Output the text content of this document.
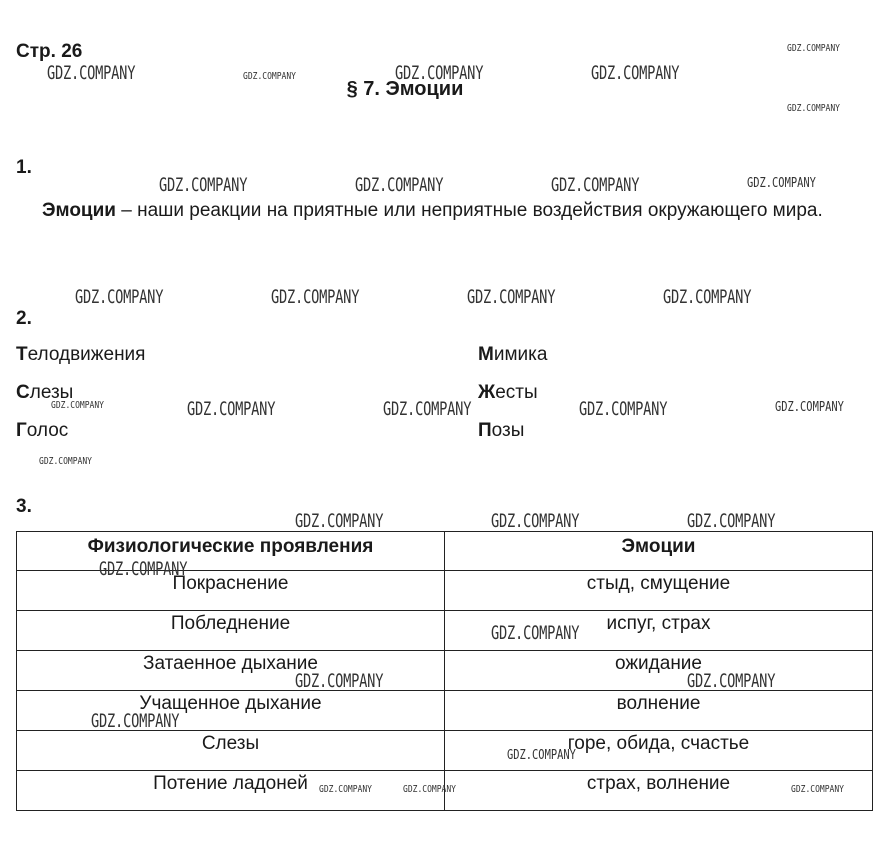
Стр. 26
§ 7. Эмоции
1.
Эмоции – наши реакции на приятные или неприятные воздействия окружающего мира.
2.
Телодвижения	Мимика
Слезы	Жесты
Голос	Позы
3.
Физиологические проявления	Эмоции
Покраснение	стыд, смущение
Побледнение	испуг, страх
Затаенное дыхание	ожидание
Учащенное дыхание	волнение
Слезы	горе, обида, счастье
Потение ладоней	страх, волнение
GDZ.COMPANY	GDZ.COMPANY	GDZ.COMPANY
GDZ.COMPANY
GDZ.COMPANY
GDZ.COMPANY
GDZ.COMPANY	GDZ.COMPANY	GDZ.COMPANY	GDZ.COMPANY
GDZ.COMPANY	GDZ.COMPANY	GDZ.COMPANY	GDZ.COMPANY
GDZ.COMPANY	GDZ.COMPANY	GDZ.COMPANY	GDZ.COMPANY	GDZ.COMPANY
GDZ.COMPANY
GDZ.COMPANY	GDZ.COMPANY	GDZ.COMPANY
GDZ.COMPANY
GDZ.COMPANY
GDZ.COMPANY	GDZ.COMPANY
GDZ.COMPANY
GDZ.COMPANY
GDZ.COMPANY	GDZ.COMPANY	GDZ.COMPANY
